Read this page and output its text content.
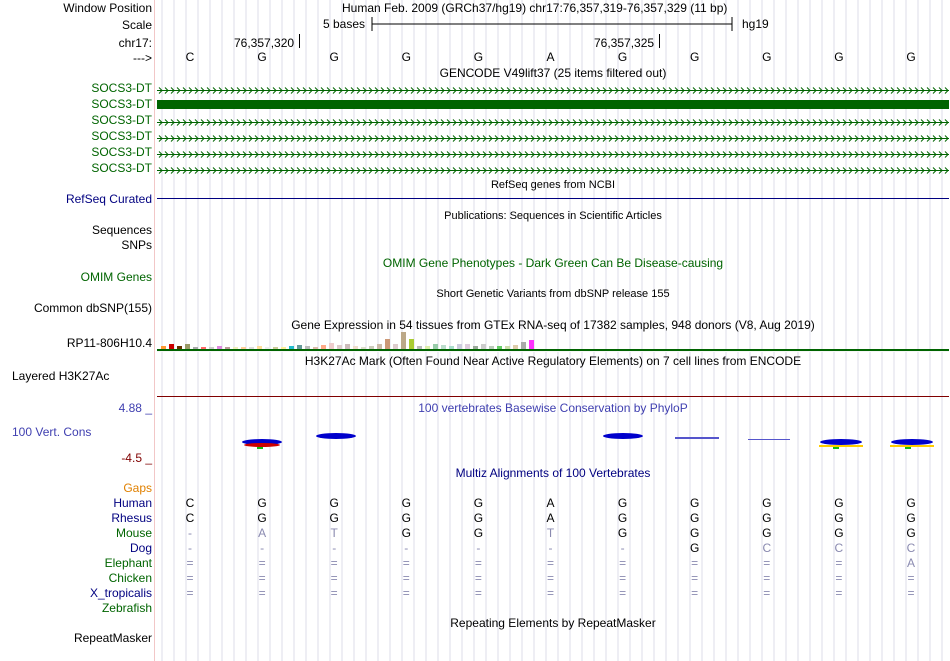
Window Position	Human Feb. 2009 (GRCh37/hg19) chr17:76,357,319-76,357,329 (11 bp)
Scale	5 bases	hg19
chr17:	76,357,320	76,357,325
--->	C	G	G	G	G	A	G	G	G	G	G
GENCODE V49lift37 (25 items filtered out)
SOCS3-DT
SOCS3-DT
SOCS3-DT
SOCS3-DT
SOCS3-DT
SOCS3-DT
RefSeq Curated
RefSeq genes from NCBI
Publications: Sequences in Scientific Articles
Sequences
SNPs
OMIM Gene Phenotypes - Dark Green Can Be Disease-causing
OMIM Genes
Short Genetic Variants from dbSNP release 155
Common dbSNP(155)
Gene Expression in 54 tissues from GTEx RNA-seq of 17382 samples, 948 donors (V8, Aug 2019)
RP11-806H10.4
H3K27Ac Mark (Often Found Near Active Regulatory Elements) on 7 cell lines from ENCODE
Layered H3K27Ac
100 vertebrates Basewise Conservation by PhyloP
4.88 _
100 Vert. Cons
-4.5 _
Multiz Alignments of 100 Vertebrates
Gaps
Human	C	G	G	G	G	A	G	G	G	G	G
Rhesus	C	G	G	G	G	A	G	G	G	G	G
Mouse	-	A	T	G	G	T	G	G	G	G	G
Dog	-	-	-	-	-	-	-	G	C	C	C
Elephant	=	=	=	=	=	=	=	=	=	=	A
Chicken	=	=	=	=	=	=	=	=	=	=	=
X_tropicalis	=	=	=	=	=	=	=	=	=	=	=
Zebrafish
Repeating Elements by RepeatMasker
RepeatMasker
